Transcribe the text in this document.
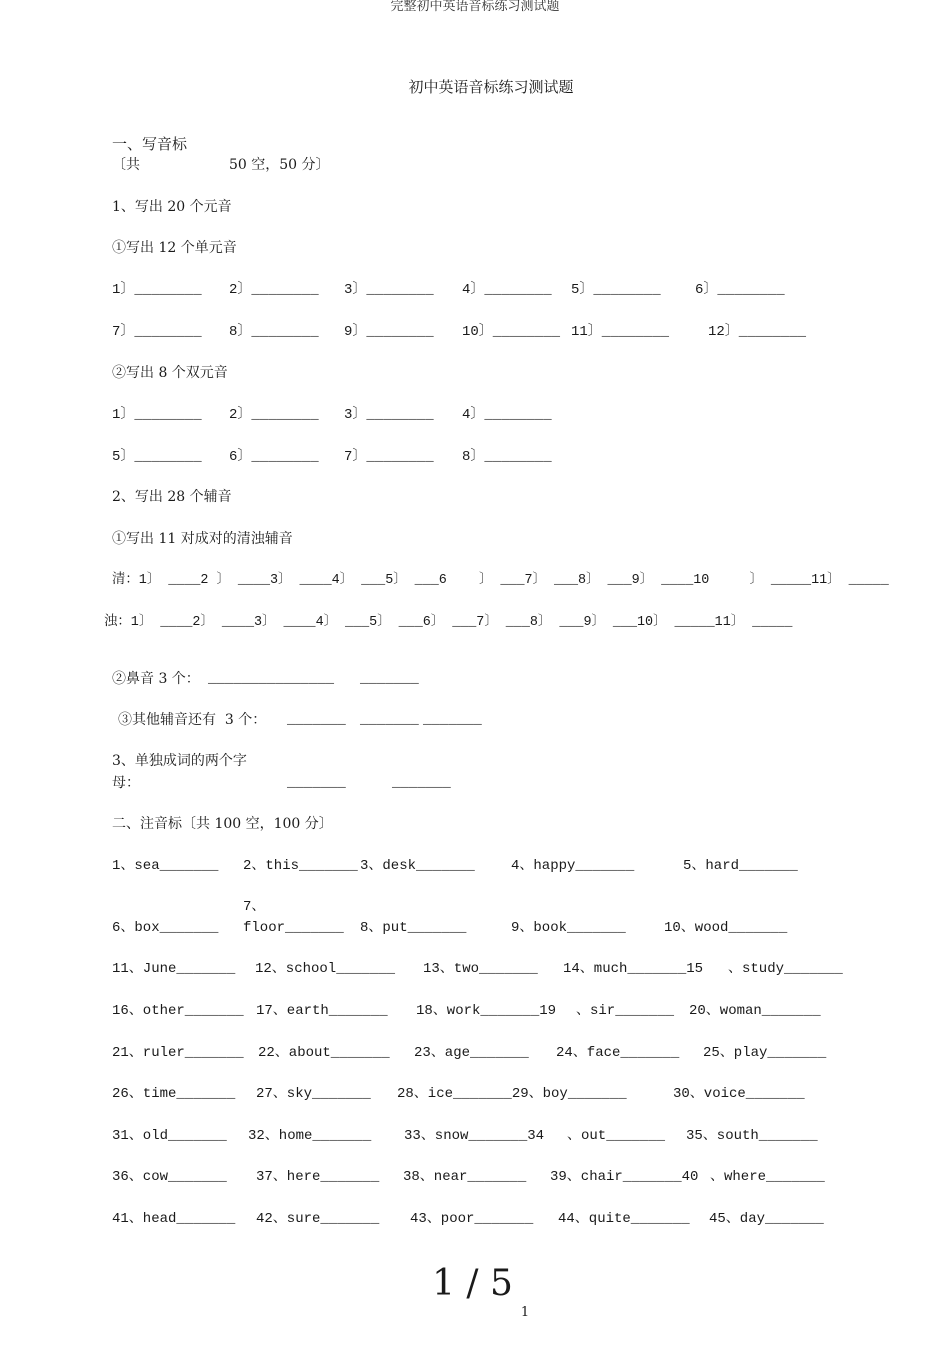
完整初中英语音标练习测试题
初中英语音标练习测试题
一、写音标
〔共	50 空，50 分〕
1、写出 20 个元音
①写出 12 个单元音
1〕________ 2〕________ 3〕________ 4〕________ 5〕________ 6〕________
7〕________ 8〕________ 9〕________ 10〕________ 11〕________	12〕________
②写出 8 个双元音
1〕________ 2〕________ 3〕________ 4〕________
5〕________ 6〕________ 7〕________ 8〕________
2、写出 28 个辅音
①写出 11 对成对的清浊辅音
清：1〕 ____2 〕 ____3〕 ____4〕 ___5〕 ___6    〕 ___7〕 ___8〕 ___9〕 ____10     〕 _____11〕 _____
浊：1〕 ____2〕 ____3〕 ____4〕 ___5〕 ___6〕 ___7〕 ___8〕 ___9〕 ___10〕 _____11〕 _____
②鼻音 3 个： _______________ _______
③其他辅音还有  3 个： _______ _______ _______
3、单独成词的两个字
母：	_______	_______
二、注音标〔共 100 空，100 分〕
1、sea_______ 2、this_______ 3、desk_______	4、happy_______	5、hard_______
6、box_______
7、
floor_______ 8、put_______	9、book_______	10、wood_______
11、June_______ 12、school_______ 13、two_______ 14、much_______15 、study_______
16、other_______ 17、earth_______ 18、work_______19 、sir_______ 20、woman_______
21、ruler_______ 22、about_______ 23、age_______ 24、face_______ 25、play_______
26、time_______ 27、sky_______ 28、ice_______29、boy_______	30、voice_______
31、old_______ 32、home_______ 33、snow_______34 、out_______ 35、south_______
36、cow_______ 37、here_______ 38、near_______ 39、chair_______40 、where_______
41、head_______ 42、sure_______ 43、poor_______ 44、quite_______ 45、day_______
1 / 5
1
